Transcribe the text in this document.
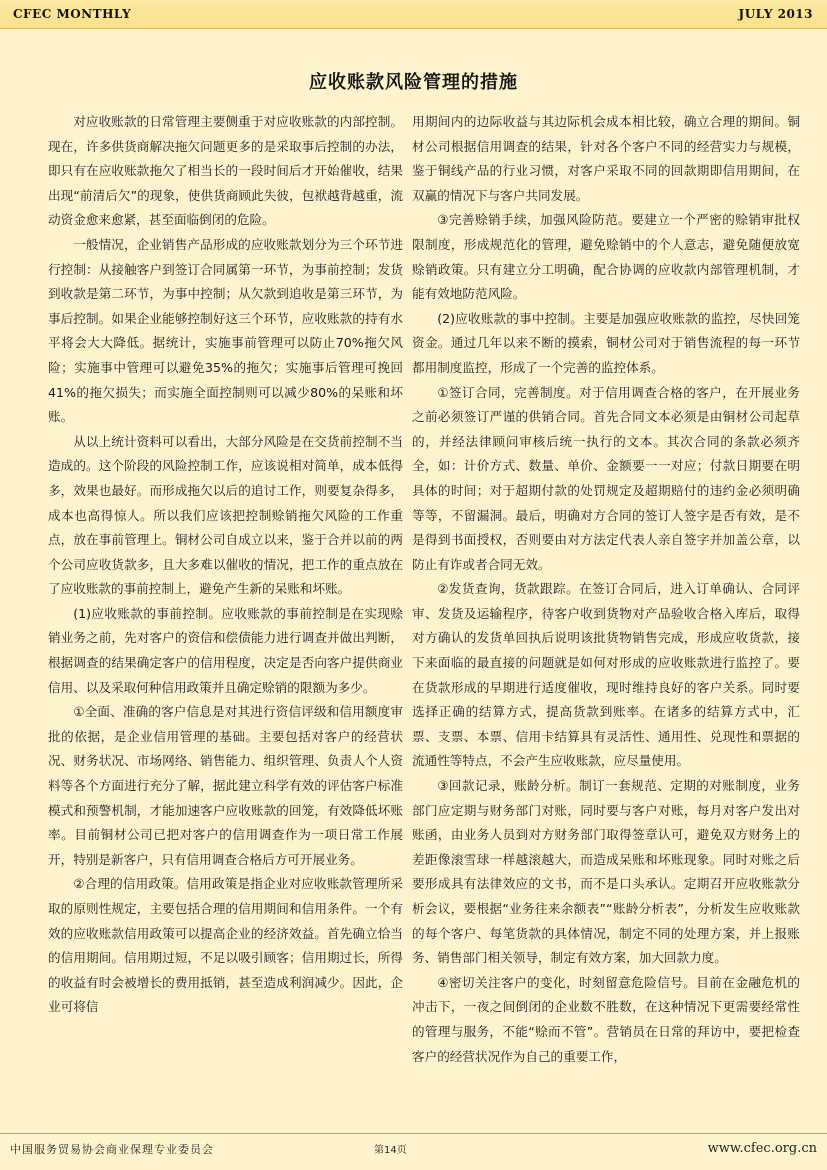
CFEC MONTHLY	JULY 2013
应收账款风险管理的措施

对应收账款的日常管理主要侧重于对应收账款的内部控制。现在，许多供货商解决拖欠问题更多的是采取事后控制的办法，即只有在应收账款拖欠了相当长的一段时间后才开始催收，结果出现“前清后欠”的现象，使供货商顾此失彼，包袱越背越重，流动资金愈来愈紧，甚至面临倒闭的危险。

一般情况，企业销售产品形成的应收账款划分为三个环节进行控制：从接触客户到签订合同属第一环节，为事前控制；发货到收款是第二环节，为事中控制；从欠款到追收是第三环节，为事后控制。如果企业能够控制好这三个环节，应收账款的持有水平将会大大降低。据统计，实施事前管理可以防止70%拖欠风险；实施事中管理可以避免35%的拖欠；实施事后管理可挽回41%的拖欠损失；而实施全面控制则可以减少80%的呆账和坏账。

从以上统计资料可以看出，大部分风险是在交货前控制不当造成的。这个阶段的风险控制工作，应该说相对简单，成本低得多，效果也最好。而形成拖欠以后的追讨工作，则要复杂得多，成本也高得惊人。所以我们应该把控制赊销拖欠风险的工作重点，放在事前管理上。铜材公司自成立以来，鉴于合并以前的两个公司应收货款多，且大多难以催收的情况，把工作的重点放在了应收账款的事前控制上，避免产生新的呆账和坏账。

(1)应收账款的事前控制。应收账款的事前控制是在实现赊销业务之前，先对客户的资信和偿债能力进行调查并做出判断，根据调查的结果确定客户的信用程度，决定是否向客户提供商业信用、以及采取何种信用政策并且确定赊销的限额为多少。

①全面、准确的客户信息是对其进行资信评级和信用额度审批的依据，是企业信用管理的基础。主要包括对客户的经营状况、财务状况、市场网络、销售能力、组织管理、负责人个人资料等各个方面进行充分了解，据此建立科学有效的评估客户标准模式和预警机制，才能加速客户应收账款的回笼，有效降低坏账率。目前铜材公司已把对客户的信用调查作为一项日常工作展开，特别是新客户，只有信用调查合格后方可开展业务。

②合理的信用政策。信用政策是指企业对应收账款管理所采取的原则性规定，主要包括合理的信用期间和信用条件。一个有效的应收账款信用政策可以提高企业的经济效益。首先确立恰当的信用期间。信用期过短，不足以吸引顾客；信用期过长，所得的收益有时会被增长的费用抵销，甚至造成利润减少。因此，企业可将信

用期间内的边际收益与其边际机会成本相比较，确立合理的期间。铜材公司根据信用调查的结果，针对各个客户不同的经营实力与规模，鉴于铜线产品的行业习惯，对客户采取不同的回款期即信用期间，在双赢的情况下与客户共同发展。

③完善赊销手续，加强风险防范。要建立一个严密的赊销审批权限制度，形成规范化的管理，避免赊销中的个人意志，避免随便放宽赊销政策。只有建立分工明确，配合协调的应收款内部管理机制，才能有效地防范风险。

(2)应收账款的事中控制。主要是加强应收账款的监控，尽快回笼资金。通过几年以来不断的摸索，铜材公司对于销售流程的每一环节都用制度监控，形成了一个完善的监控体系。

①签订合同，完善制度。对于信用调查合格的客户，在开展业务之前必须签订严谨的供销合同。首先合同文本必须是由铜材公司起草的，并经法律顾问审核后统一执行的文本。其次合同的条款必须齐全，如：计价方式、数量、单价、金额要一一对应；付款日期要在明具体的时间；对于超期付款的处罚规定及超期赔付的违约金必须明确等等，不留漏洞。最后，明确对方合同的签订人签字是否有效，是不是得到书面授权，否则要由对方法定代表人亲自签字并加盖公章，以防止有诈或者合同无效。

②发货查询，货款跟踪。在签订合同后，进入订单确认、合同评审、发货及运输程序，待客户收到货物对产品验收合格入库后，取得对方确认的发货单回执后说明该批货物销售完成，形成应收货款，接下来面临的最直接的问题就是如何对形成的应收账款进行监控了。要在货款形成的早期进行适度催收，现时维持良好的客户关系。同时要选择正确的结算方式，提高货款到账率。在诸多的结算方式中，汇票、支票、本票、信用卡结算具有灵活性、通用性、兑现性和票据的流通性等特点，不会产生应收账款，应尽量使用。

③回款记录，账龄分析。制订一套规范、定期的对账制度，业务部门应定期与财务部门对账，同时要与客户对账，每月对客户发出对账函，由业务人员到对方财务部门取得签章认可，避免双方财务上的差距像滚雪球一样越滚越大，而造成呆账和坏账现象。同时对账之后要形成具有法律效应的文书，而不是口头承认。定期召开应收账款分析会议，要根据“业务往来余额表”“账龄分析表”，分析发生应收账款的每个客户、每笔货款的具体情况，制定不同的处理方案，并上报账务、销售部门相关领导，制定有效方案，加大回款力度。

④密切关注客户的变化，时刻留意危险信号。目前在金融危机的冲击下，一夜之间倒闭的企业数不胜数，在这种情况下更需要经常性的管理与服务，不能“赊而不管”。营销员在日常的拜访中，要把检查客户的经营状况作为自己的重要工作，

中国服务贸易协会商业保理专业委员会	第14页	www.cfec.org.cn
